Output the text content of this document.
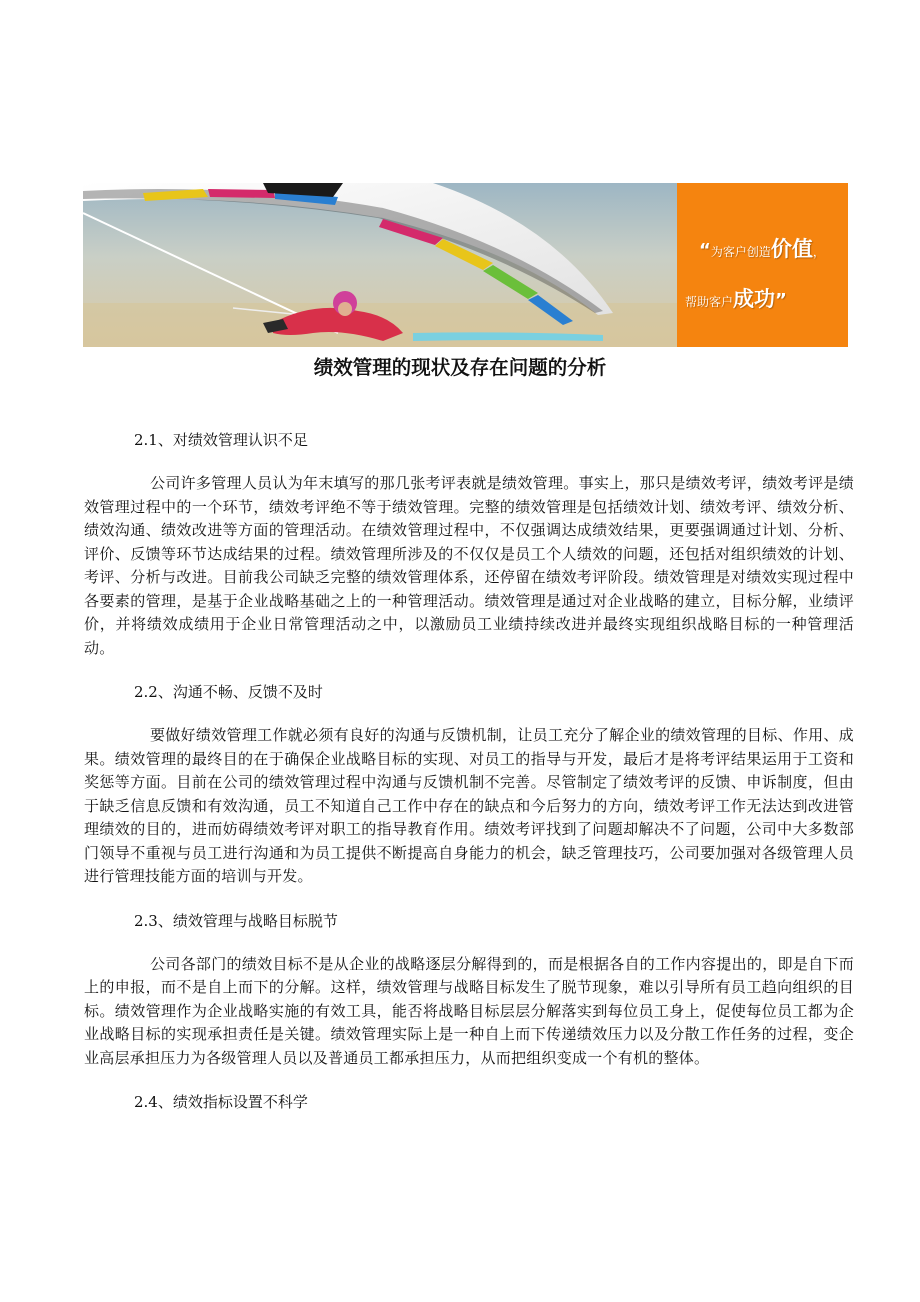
“为客户创造价值，
帮助客户成功”
绩效管理的现状及存在问题的分析

2.1、对绩效管理认识不足

公司许多管理人员认为年末填写的那几张考评表就是绩效管理。事实上，那只是绩效考评，绩效考评是绩效管理过程中的一个环节，绩效考评绝不等于绩效管理。完整的绩效管理是包括绩效计划、绩效考评、绩效分析、绩效沟通、绩效改进等方面的管理活动。在绩效管理过程中，不仅强调达成绩效结果，更要强调通过计划、分析、评价、反馈等环节达成结果的过程。绩效管理所涉及的不仅仅是员工个人绩效的问题，还包括对组织绩效的计划、考评、分析与改进。目前我公司缺乏完整的绩效管理体系，还停留在绩效考评阶段。绩效管理是对绩效实现过程中各要素的管理，是基于企业战略基础之上的一种管理活动。绩效管理是通过对企业战略的建立，目标分解，业绩评价，并将绩效成绩用于企业日常管理活动之中，以激励员工业绩持续改进并最终实现组织战略目标的一种管理活动。

2.2、沟通不畅、反馈不及时

要做好绩效管理工作就必须有良好的沟通与反馈机制，让员工充分了解企业的绩效管理的目标、作用、成果。绩效管理的最终目的在于确保企业战略目标的实现、对员工的指导与开发，最后才是将考评结果运用于工资和奖惩等方面。目前在公司的绩效管理过程中沟通与反馈机制不完善。尽管制定了绩效考评的反馈、申诉制度，但由于缺乏信息反馈和有效沟通，员工不知道自己工作中存在的缺点和今后努力的方向，绩效考评工作无法达到改进管理绩效的目的，进而妨碍绩效考评对职工的指导教育作用。绩效考评找到了问题却解决不了问题，公司中大多数部门领导不重视与员工进行沟通和为员工提供不断提高自身能力的机会，缺乏管理技巧，公司要加强对各级管理人员进行管理技能方面的培训与开发。

2.3、绩效管理与战略目标脱节

公司各部门的绩效目标不是从企业的战略逐层分解得到的，而是根据各自的工作内容提出的，即是自下而上的申报，而不是自上而下的分解。这样，绩效管理与战略目标发生了脱节现象，难以引导所有员工趋向组织的目标。绩效管理作为企业战略实施的有效工具，能否将战略目标层层分解落实到每位员工身上，促使每位员工都为企业战略目标的实现承担责任是关键。绩效管理实际上是一种自上而下传递绩效压力以及分散工作任务的过程，变企业高层承担压力为各级管理人员以及普通员工都承担压力，从而把组织变成一个有机的整体。

2.4、绩效指标设置不科学
